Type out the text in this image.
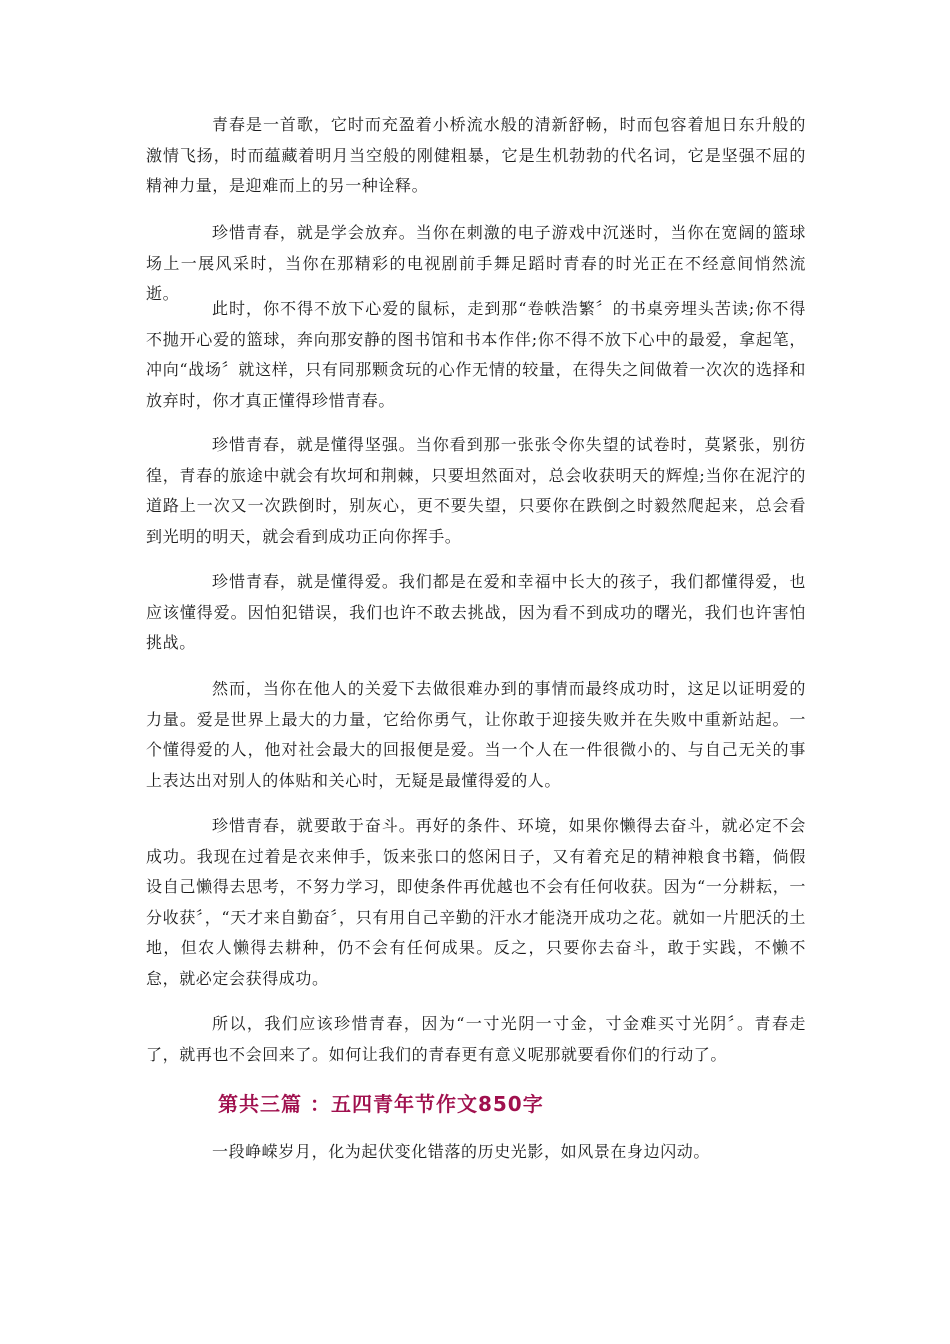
青春是一首歌，它时而充盈着小桥流水般的清新舒畅，时而包容着旭日东升般的激情飞扬，时而蕴藏着明月当空般的刚健粗暴，它是生机勃勃的代名词，它是坚强不屈的精神力量，是迎难而上的另一种诠释。

珍惜青春，就是学会放弃。当你在刺激的电子游戏中沉迷时，当你在宽阔的篮球场上一展风采时，当你在那精彩的电视剧前手舞足蹈时青春的时光正在不经意间悄然流逝。

此时，你不得不放下心爱的鼠标，走到那“卷帙浩繁〞的书桌旁埋头苦读;你不得不抛开心爱的篮球，奔向那安静的图书馆和书本作伴;你不得不放下心中的最爱，拿起笔，冲向“战场〞就这样，只有同那颗贪玩的心作无情的较量，在得失之间做着一次次的选择和放弃时，你才真正懂得珍惜青春。

珍惜青春，就是懂得坚强。当你看到那一张张令你失望的试卷时，莫紧张，别彷徨，青春的旅途中就会有坎坷和荆棘，只要坦然面对，总会收获明天的辉煌;当你在泥泞的道路上一次又一次跌倒时，别灰心，更不要失望，只要你在跌倒之时毅然爬起来，总会看到光明的明天，就会看到成功正向你挥手。

珍惜青春，就是懂得爱。我们都是在爱和幸福中长大的孩子，我们都懂得爱，也应该懂得爱。因怕犯错误，我们也许不敢去挑战，因为看不到成功的曙光，我们也许害怕挑战。

然而，当你在他人的关爱下去做很难办到的事情而最终成功时，这足以证明爱的力量。爱是世界上最大的力量，它给你勇气，让你敢于迎接失败并在失败中重新站起。一个懂得爱的人，他对社会最大的回报便是爱。当一个人在一件很微小的、与自己无关的事上表达出对别人的体贴和关心时，无疑是最懂得爱的人。

珍惜青春，就要敢于奋斗。再好的条件、环境，如果你懒得去奋斗，就必定不会成功。我现在过着是衣来伸手，饭来张口的悠闲日子，又有着充足的精神粮食书籍，倘假设自己懒得去思考，不努力学习，即使条件再优越也不会有任何收获。因为“一分耕耘，一分收获〞，“天才来自勤奋〞，只有用自己辛勤的汗水才能浇开成功之花。就如一片肥沃的土地，但农人懒得去耕种，仍不会有任何成果。反之，只要你去奋斗，敢于实践，不懒不怠，就必定会获得成功。

所以，我们应该珍惜青春，因为“一寸光阴一寸金，寸金难买寸光阴〞。青春走了，就再也不会回来了。如何让我们的青春更有意义呢那就要看你们的行动了。

第共三篇 ：五四青年节作文850字

一段峥嵘岁月，化为起伏变化错落的历史光影，如风景在身边闪动。
